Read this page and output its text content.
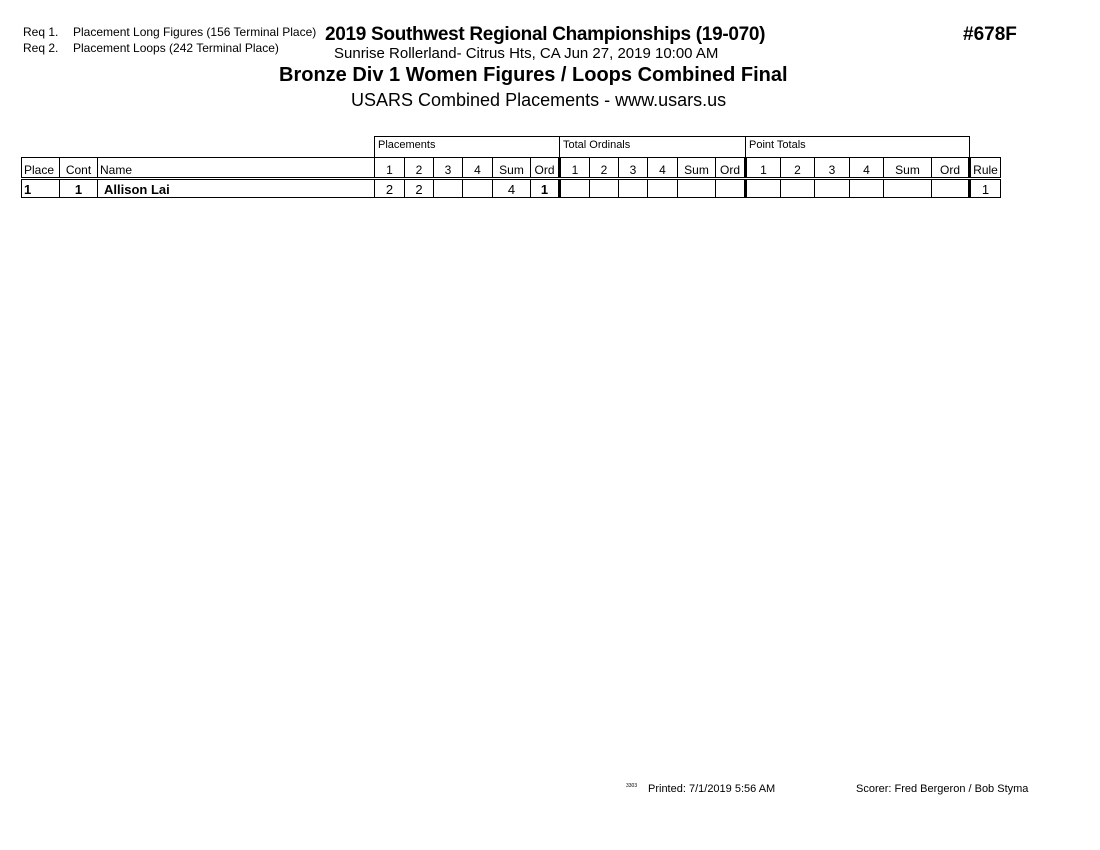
Req 1. Placement Long Figures (156 Terminal Place)
Req 2. Placement Loops (242 Terminal Place)
2019 Southwest Regional Championships (19-070)
Sunrise Rollerland- Citrus Hts, CA Jun 27, 2019 10:00 AM
Bronze Div 1 Women Figures / Loops Combined Final
USARS Combined Placements - www.usars.us
#678F
			Placements						Total Ordinals						Point Totals						
Place	Cont	Name	1	2	3	4	Sum	Ord	1	2	3	4	Sum	Ord	1	2	3	4	Sum	Ord	Rule
1	1	Allison Lai	2	2			4	1													1
3303 Printed: 7/1/2019 5:56 AM	Scorer: Fred Bergeron / Bob Styma
